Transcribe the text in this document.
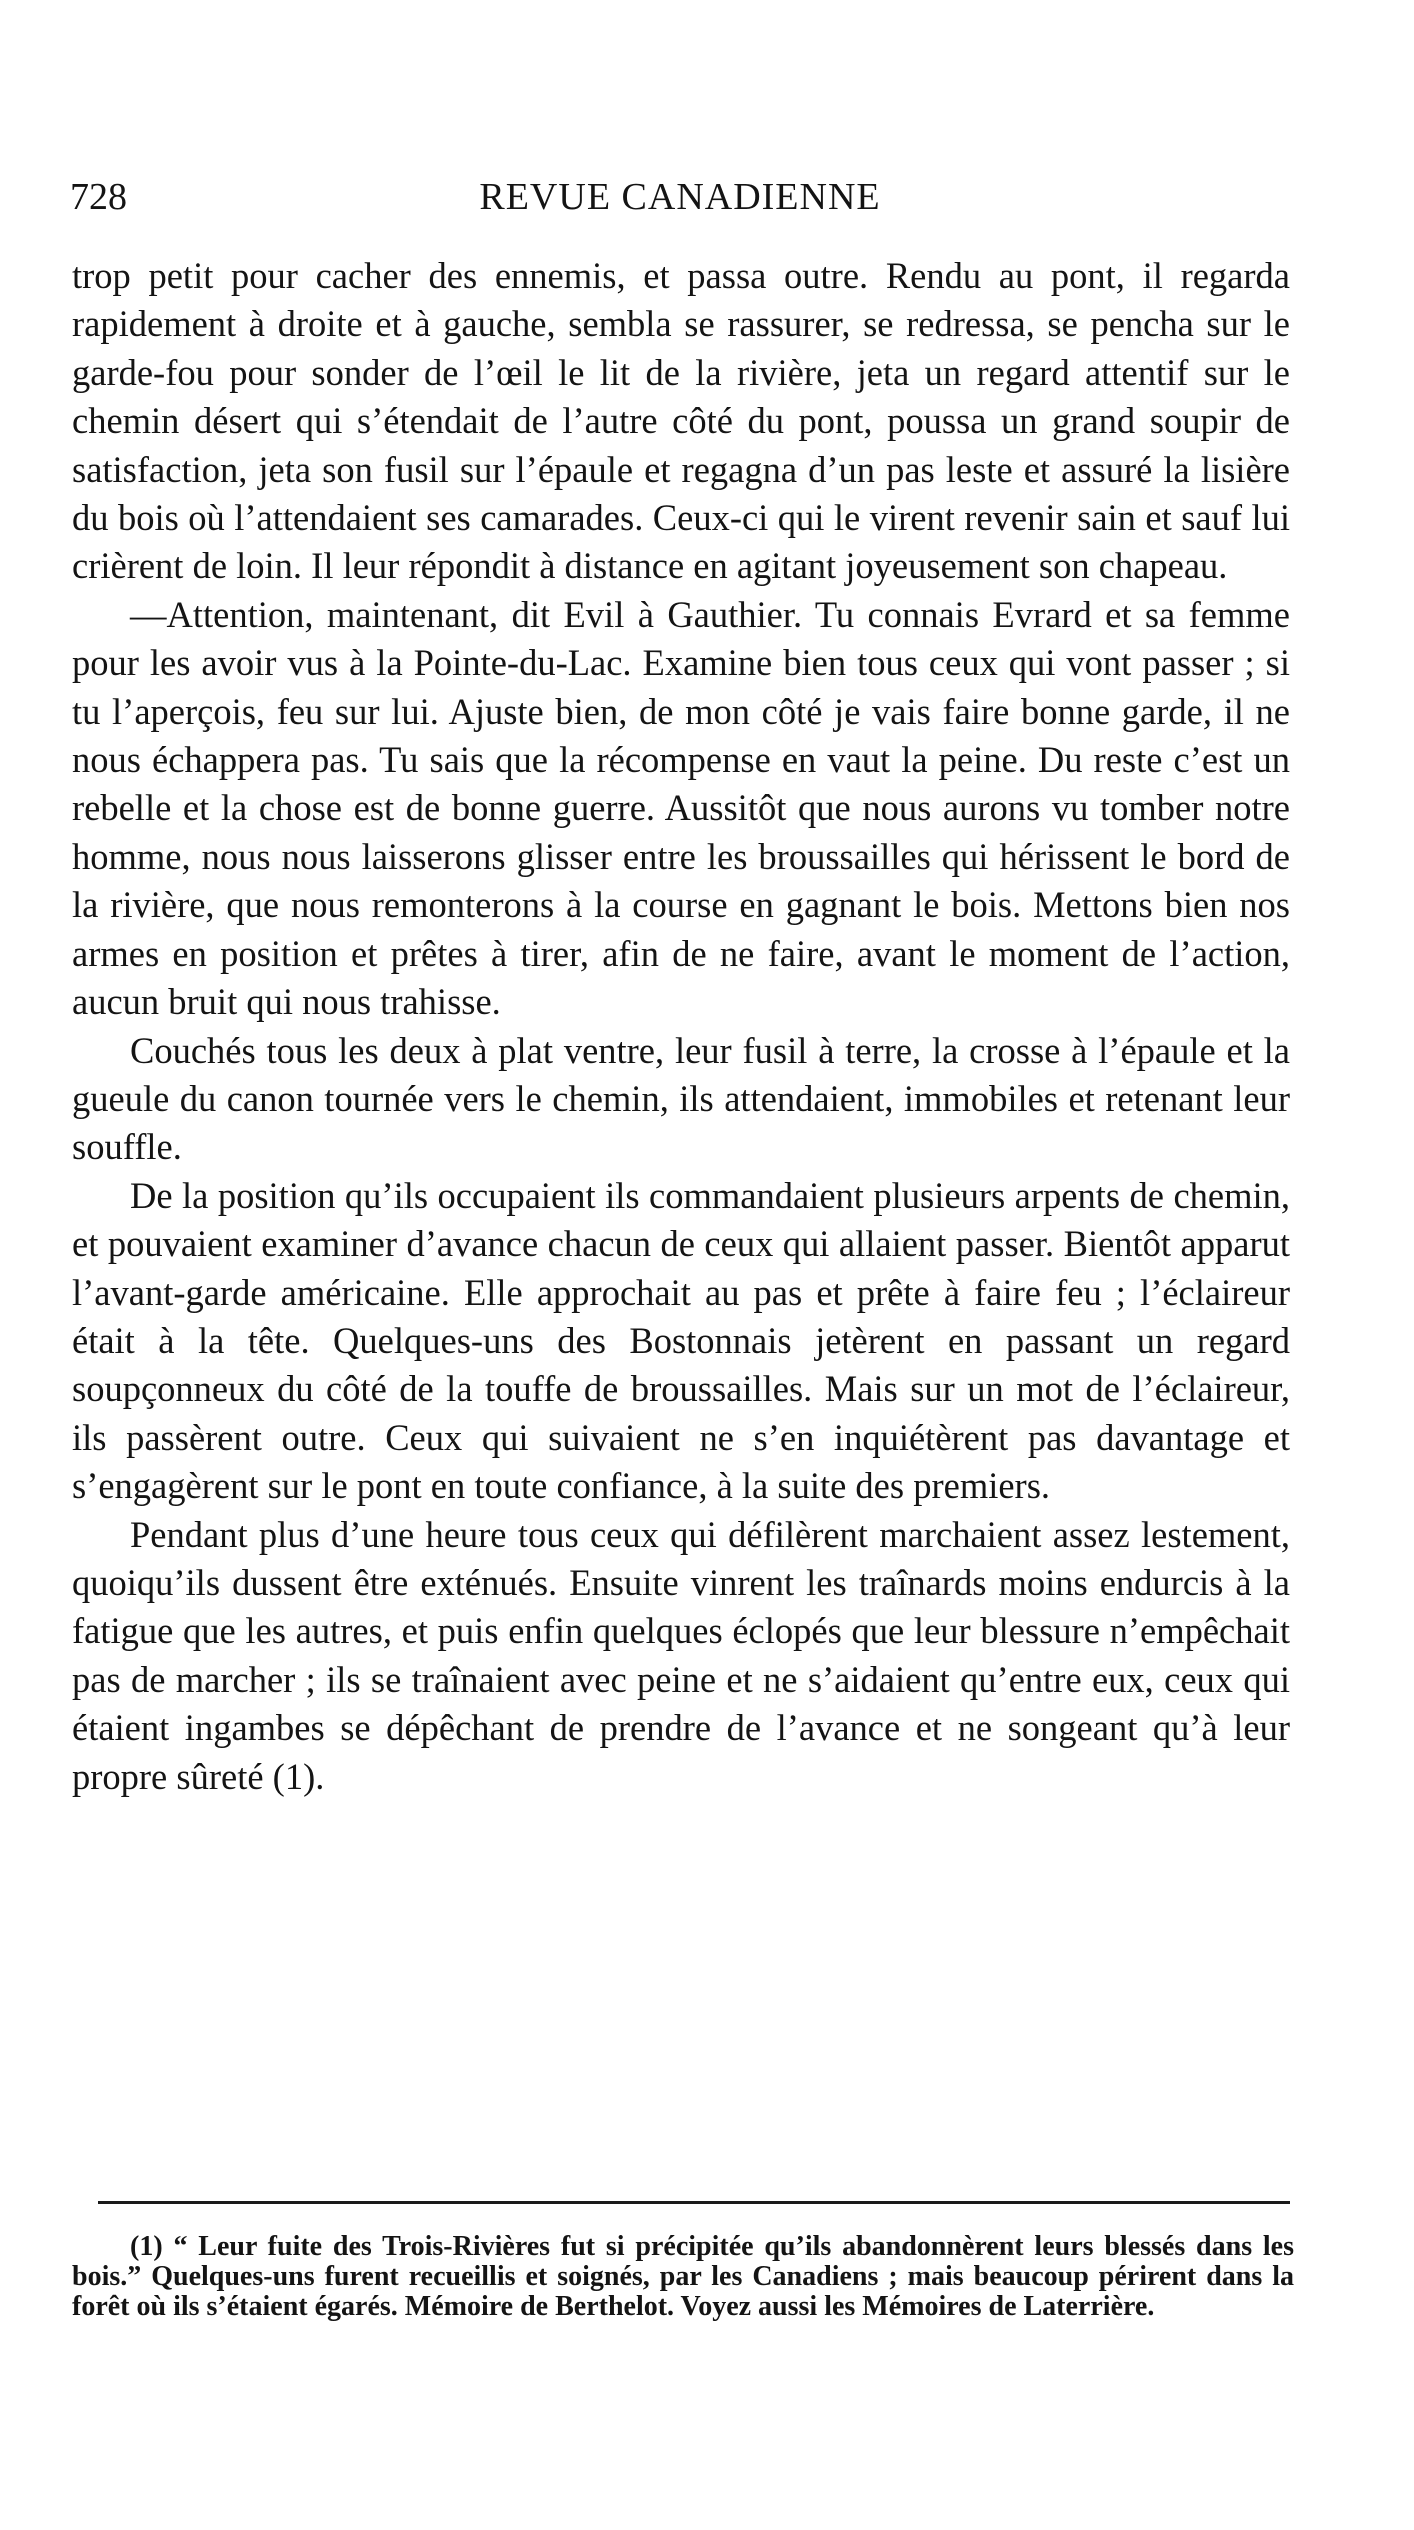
728	REVUE CANADIENNE

trop petit pour cacher des ennemis, et passa outre. Rendu au pont, il regarda rapidement à droite et à gauche, sembla se rassurer, se redressa, se pencha sur le garde-fou pour sonder de l’œil le lit de la rivière, jeta un regard attentif sur le chemin désert qui s’étendait de l’autre côté du pont, poussa un grand soupir de satisfaction, jeta son fusil sur l’épaule et regagna d’un pas leste et assuré la lisière du bois où l’attendaient ses camarades. Ceux-ci qui le virent revenir sain et sauf lui crièrent de loin. Il leur répondit à distance en agitant joyeusement son chapeau.

—Attention, maintenant, dit Evil à Gauthier. Tu connais Evrard et sa femme pour les avoir vus à la Pointe-du-Lac. Examine bien tous ceux qui vont passer ; si tu l’aperçois, feu sur lui. Ajuste bien, de mon côté je vais faire bonne garde, il ne nous échappera pas. Tu sais que la récompense en vaut la peine. Du reste c’est un rebelle et la chose est de bonne guerre. Aussitôt que nous aurons vu tomber notre homme, nous nous laisserons glisser entre les broussailles qui hérissent le bord de la rivière, que nous remonterons à la course en gagnant le bois. Mettons bien nos armes en position et prêtes à tirer, afin de ne faire, avant le moment de l’action, aucun bruit qui nous trahisse.

Couchés tous les deux à plat ventre, leur fusil à terre, la crosse à l’épaule et la gueule du canon tournée vers le chemin, ils attendaient, immobiles et retenant leur souffle.

De la position qu’ils occupaient ils commandaient plusieurs arpents de chemin, et pouvaient examiner d’avance chacun de ceux qui allaient passer. Bientôt apparut l’avant-garde américaine. Elle approchait au pas et prête à faire feu ; l’éclaireur était à la tête. Quelques-uns des Bostonnais jetèrent en passant un regard soupçonneux du côté de la touffe de broussailles. Mais sur un mot de l’éclaireur, ils passèrent outre. Ceux qui suivaient ne s’en inquiétèrent pas davantage et s’engagèrent sur le pont en toute confiance, à la suite des premiers.

Pendant plus d’une heure tous ceux qui défilèrent marchaient assez lestement, quoiqu’ils dussent être exténués. Ensuite vinrent les traînards moins endurcis à la fatigue que les autres, et puis enfin quelques éclopés que leur blessure n’empêchait pas de marcher ; ils se traînaient avec peine et ne s’aidaient qu’entre eux, ceux qui étaient ingambes se dépêchant de prendre de l’avance et ne songeant qu’à leur propre sûreté (1).

(1) “ Leur fuite des Trois-Rivières fut si précipitée qu’ils abandonnèrent leurs blessés dans les bois.” Quelques-uns furent recueillis et soignés, par les Canadiens ; mais beaucoup périrent dans la forêt où ils s’étaient égarés. Mémoire de Berthelot. Voyez aussi les Mémoires de Laterrière.
